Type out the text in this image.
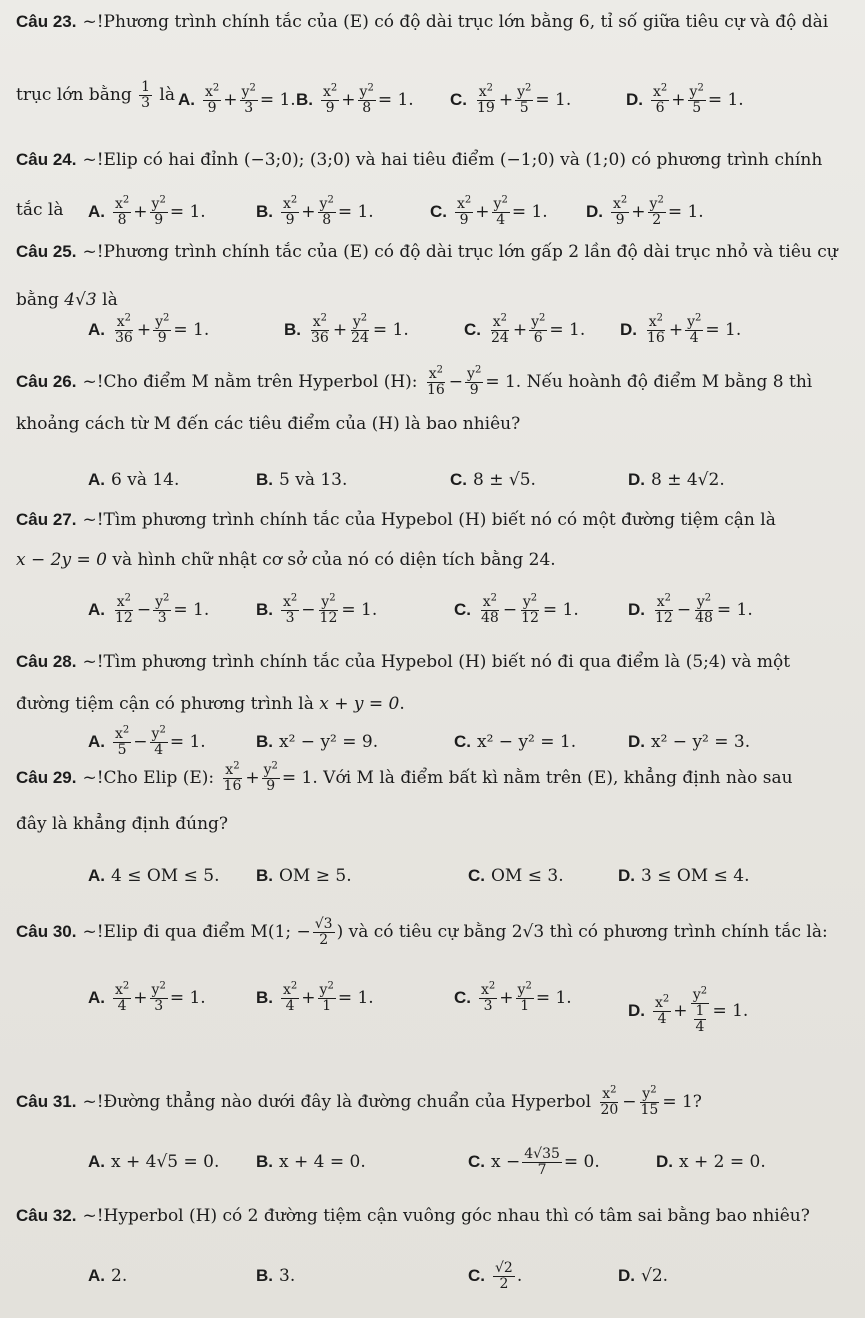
Câu 23. ~!Phương trình chính tắc của (E) có độ dài trục lớn bằng 6, tỉ số giữa tiêu cự và độ dài
trục lớn bằng $\frac{1}{3}$ là A. $\frac{x^2}{9} + \frac{y^2}{3} = 1$. B. $\frac{x^2}{9} + \frac{y^2}{8} = 1$. C. $\frac{x^2}{19} + \frac{y^2}{5} = 1$.	D. $\frac{x^2}{6} + \frac{y^2}{5} = 1$.
Câu 24. ~!Elip có hai đỉnh (−3;0); (3;0) và hai tiêu điểm (−1;0) và (1;0) có phương trình chính
tắc là	A. $\frac{x^2}{8} + \frac{y^2}{9} = 1$.	B. $\frac{x^2}{9} + \frac{y^2}{8} = 1$.	C. $\frac{x^2}{9} + \frac{y^2}{4} = 1$. D. $\frac{x^2}{9} + \frac{y^2}{2} = 1$.
Câu 25. ~!Phương trình chính tắc của (E) có độ dài trục lớn gấp 2 lần độ dài trục nhỏ và tiêu cự
bằng 4√3 là
A. $\frac{x^2}{36} + \frac{y^2}{9} = 1$.	B. $\frac{x^2}{36} + \frac{y^2}{24} = 1$.	C. $\frac{x^2}{24} + \frac{y^2}{6} = 1$. D. $\frac{x^2}{16} + \frac{y^2}{4} = 1$.
Câu 26. ~!Cho điểm M nằm trên Hyperbol (H): $\frac{x^2}{16} - \frac{y^2}{9} = 1$. Nếu hoành độ điểm M bằng 8 thì
khoảng cách từ M đến các tiêu điểm của (H) là bao nhiêu?
A. 6 và 14.	B. 5 và 13.	C. 8 ± √5.	D. 8 ± 4√2.
Câu 27. ~!Tìm phương trình chính tắc của Hypebol (H) biết nó có một đường tiệm cận là
x − 2y = 0 và hình chữ nhật cơ sở của nó có diện tích bằng 24.
A. $\frac{x^2}{12} - \frac{y^2}{3} = 1$.	B. $\frac{x^2}{3} - \frac{y^2}{12} = 1$.	C. $\frac{x^2}{48} - \frac{y^2}{12} = 1$.	D. $\frac{x^2}{12} - \frac{y^2}{48} = 1$.
Câu 28. ~!Tìm phương trình chính tắc của Hypebol (H) biết nó đi qua điểm là (5;4) và một
đường tiệm cận có phương trình là x + y = 0.
A. $\frac{x^2}{5} - \frac{y^2}{4} = 1$.	B. x² − y² = 9.	C. x² − y² = 1.	D. x² − y² = 3.
Câu 29. ~!Cho Elip (E): $\frac{x^2}{16} + \frac{y^2}{9} = 1$. Với M là điểm bất kì nằm trên (E), khẳng định nào sau
đây là khẳng định đúng?
A. 4 ≤ OM ≤ 5. B. OM ≥ 5.	C. OM ≤ 3.	D. 3 ≤ OM ≤ 4.
Câu 30. ~!Elip đi qua điểm M(1; − $\frac{√3}{2}$ ) và có tiêu cự bằng 2√3 thì có phương trình chính tắc là:
A. $\frac{x^2}{4} + \frac{y^2}{3} = 1$.	B. $\frac{x^2}{4} + \frac{y^2}{1} = 1$.	C. $\frac{x^2}{3} + \frac{y^2}{1} = 1$.
D. $\frac{x^2}{4} + \frac{y^2}{\frac{1}{4}} = 1$.
Câu 31. ~!Đường thẳng nào dưới đây là đường chuẩn của Hyperbol $\frac{x^2}{20} - \frac{y^2}{15} = 1$?
A. x + 4√5 = 0. B. x + 4 = 0.	C. $x - \frac{4√35}{7} = 0$.	D. x + 2 = 0.
Câu 32. ~!Hyperbol (H) có 2 đường tiệm cận vuông góc nhau thì có tâm sai bằng bao nhiêu?
A. 2.	B. 3.	C. $\frac{√2}{2}$ .	D. √2.
